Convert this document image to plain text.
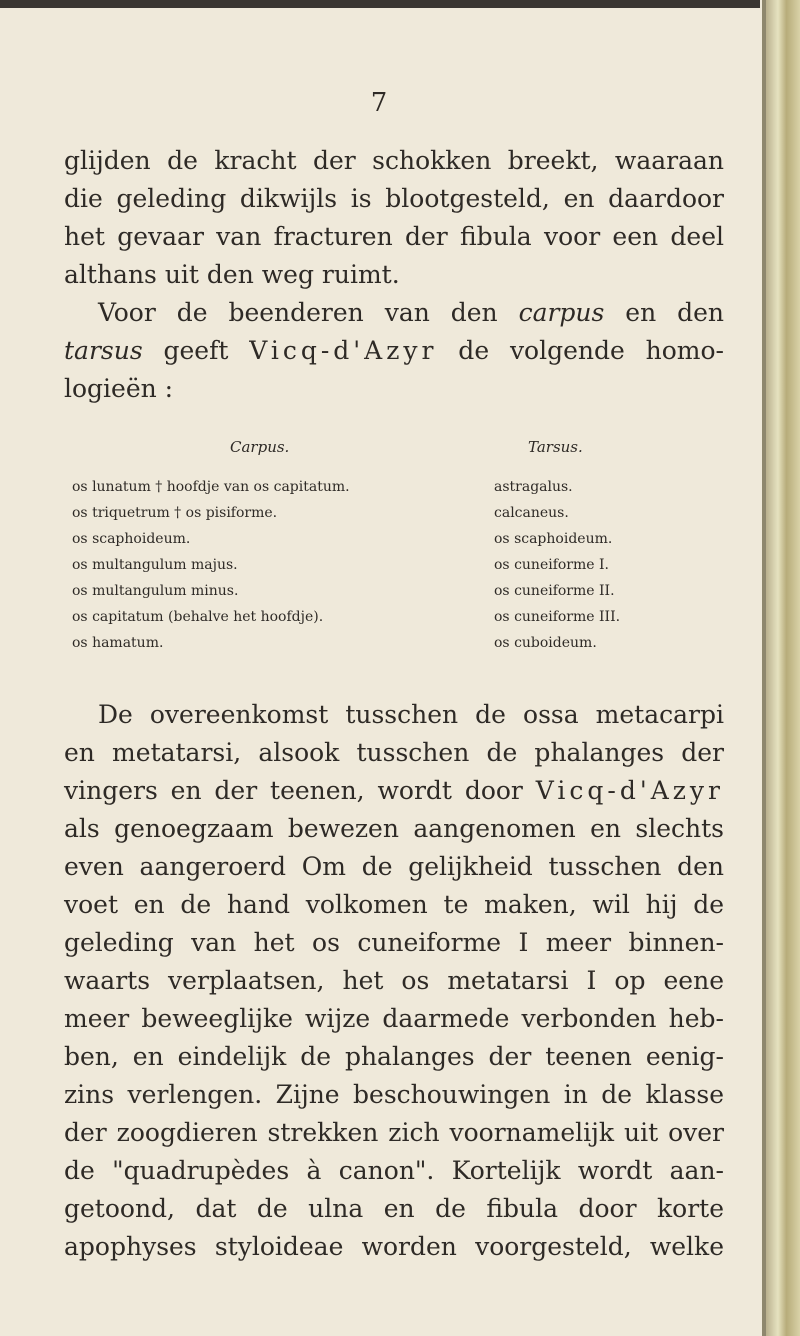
7
glijden de kracht der schokken breekt, waaraan
die geleding dikwijls is blootgesteld, en daardoor
het gevaar van fracturen der fibula voor een deel
althans uit den weg ruimt.
Voor de beenderen van den carpus en den
tarsus geeft Vicq-d'Azyr de volgende homo-
logieën :
Carpus.	Tarsus.
os lunatum † hoofdje van os capitatum.
os triquetrum † os pisiforme.
os scaphoideum.
os multangulum majus.
os multangulum minus.
os capitatum (behalve het hoofdje).
os hamatum.
astragalus.
calcaneus.
os scaphoideum.
os cuneiforme I.
os cuneiforme II.
os cuneiforme III.
os cuboideum.
De overeenkomst tusschen de ossa metacarpi
en metatarsi, alsook tusschen de phalanges der
vingers en der teenen, wordt door Vicq-d'Azyr
als genoegzaam bewezen aangenomen en slechts
even aangeroerd Om de gelijkheid tusschen den
voet en de hand volkomen te maken, wil hij de
geleding van het os cuneiforme I meer binnen-
waarts verplaatsen, het os metatarsi I op eene
meer beweeglijke wijze daarmede verbonden heb-
ben, en eindelijk de phalanges der teenen eenig-
zins verlengen. Zijne beschouwingen in de klasse
der zoogdieren strekken zich voornamelijk uit over
de "quadrupèdes à canon". Kortelijk wordt aan-
getoond, dat de ulna en de fibula door korte
apophyses styloideae worden voorgesteld, welke
